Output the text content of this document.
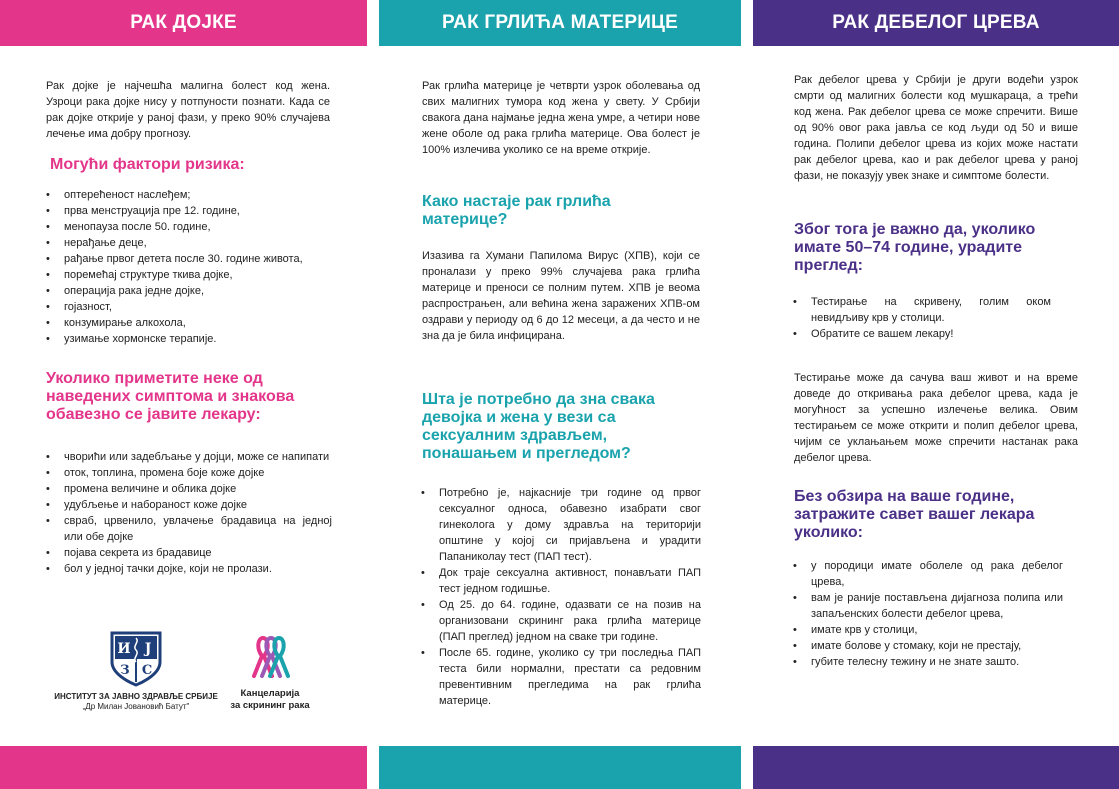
РАК ДОЈКЕ

Рак дојке је најчешћа малигна болест код жена. Узроци рака дојке нису у потпуности познати. Када се рак дојке открије у раној фази, у преко 90% случајева лечење има добру прогнозу.

Могући фактори ризика:
• оптерећеност наслеђем;
• прва менструација пре 12. године,
• менопауза после 50. године,
• нерађање деце,
• рађање првог детета после 30. године живота,
• поремећај структуре ткива дојке,
• операција рака једне дојке,
• гојазност,
• конзумирање алкохола,
• узимање хормонске терапије.
Уколико приметите неке од наведених симптома и знакова обавезно се јавите лекару:
• чворићи или задебљање у дојци, може се напипати
• оток, топлина, промена боје коже дојке
• промена величине и облика дојке
• удубљење и набораност коже дојке
• свраб, црвенило, увлачење брадавица на једној или обе дојке
• појава секрета из брадавице
• бол у једној тачки дојке, који не пролази.
И Ј
З С
ИНСТИТУТ ЗА ЈАВНО ЗДРАВЉЕ СРБИЈЕ
„Др Милан Јовановић Батут"
Канцеларија
за скрининг рака
РАК ГРЛИЋА МАТЕРИЦЕ

Рак грлића материце је четврти узрок оболевања од свих малигних тумора код жена у свету. У Србији свакога дана најмање једна жена умре, а четири нове жене оболе од рака грлића материце. Ова болест је 100% излечива уколико се на време открије.

Како настаје рак грлића материце?

Изазива га Хумани Папилома Вирус (ХПВ), који се проналази у преко 99% случајева рака грлића материце и преноси се полним путем. ХПВ је веома распрострањен, али већина жена заражених ХПВ-ом оздрави у периоду од 6 до 12 месеци, а да често и не зна да је била инфицирана.

Шта је потребно да зна свака девојка и жена у вези са сексуалним здрављем, понашањем и прегледом?
• Потребно је, најкасније три године од првог сексуалног односа, обавезно изабрати свог гинеколога у дому здравља на територији општине у којој си пријављена и урадити Папаниколау тест (ПАП тест).
• Док траје сексуална активност, понављати ПАП тест једном годишње.
• Од 25. до 64. године, одазвати се на позив на организовани скрининг рака грлића материце (ПАП преглед) једном на сваке три године.
• После 65. године, уколико су три последња ПАП теста били нормални, престати са редовним превентивним прегледима на рак грлића материце.
РАК ДЕБЕЛОГ ЦРЕВА

Рак дебелог црева у Србији је други водећи узрок смрти од малигних болести код мушкараца, а трећи код жена. Рак дебелог црева се може спречити. Више од 90% овог рака јавља се код људи од 50 и више година. Полипи дебелог црева из којих може настати рак дебелог црева, као и рак дебелог црева у раној фази, не показују увек знаке и симптоме болести.

Због тога је важно да, уколико имате 50–74 године, урадите преглед:
• Тестирање на скривену, голим оком невидљиву крв у столици.
• Обратите се вашем лекару!

Тестирање може да сачува ваш живот и на време доведе до откривања рака дебелог црева, када је могућност за успешно излечење велика. Овим тестирањем се може открити и полип дебелог црева, чијим се уклањањем може спречити настанак рака дебелог црева.

Без обзира на ваше године, затражите савет вашег лекара уколико:
• у породици имате оболеле од рака дебелог црева,
• вам је раније постављена дијагноза полипа или запаљенских болести дебелог црева,
• имате крв у столици,
• имате болове у стомаку, који не престају,
• губите телесну тежину и не знате зашто.
